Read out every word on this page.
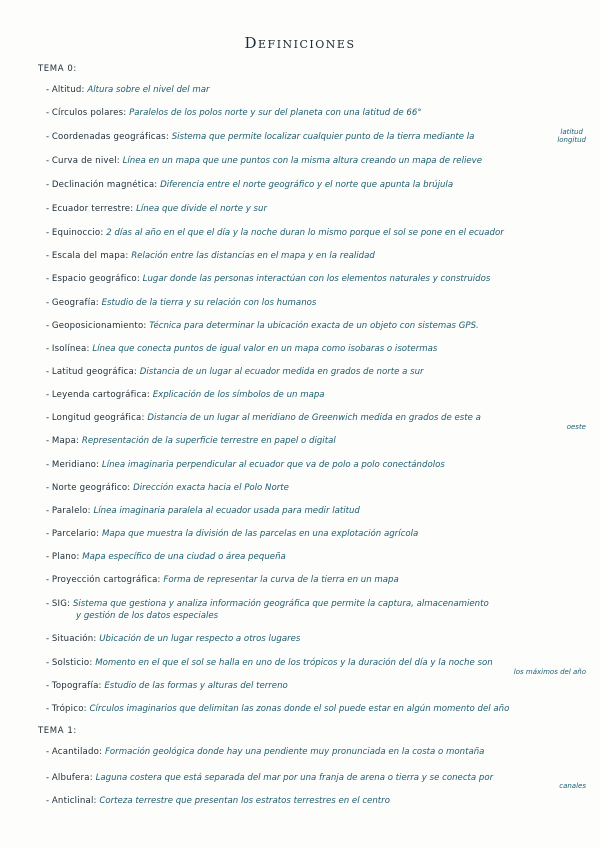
Definiciones
TEMA 0:
- Altitud: Altura sobre el nivel del mar
- Círculos polares: Paralelos de los polos norte y sur del planeta con una latitud de 66°
- Coordenadas geográficas: Sistema que permite localizar cualquier punto de la tierra mediante la	latitud
longitud
- Curva de nivel: Línea en un mapa que une puntos con la misma altura creando un mapa de relieve
- Declinación magnética: Diferencia entre el norte geográfico y el norte que apunta la brújula
- Ecuador terrestre: Línea que divide el norte y sur
- Equinoccio: 2 días al año en el que el día y la noche duran lo mismo porque el sol se pone en el ecuador
- Escala del mapa: Relación entre las distancias en el mapa y en la realidad
- Espacio geográfico: Lugar donde las personas interactúan con los elementos naturales y construidos
- Geografía: Estudio de la tierra y su relación con los humanos
- Geoposicionamiento: Técnica para determinar la ubicación exacta de un objeto con sistemas GPS.
- Isolínea: Línea que conecta puntos de igual valor en un mapa como isobaras o isotermas
- Latitud geográfica: Distancia de un lugar al ecuador medida en grados de norte a sur
- Leyenda cartográfica: Explicación de los símbolos de un mapa
- Longitud geográfica: Distancia de un lugar al meridiano de Greenwich medida en grados de este a
oeste
- Mapa: Representación de la superficie terrestre en papel o digital
- Meridiano: Línea imaginaria perpendicular al ecuador que va de polo a polo conectándolos
- Norte geográfico: Dirección exacta hacia el Polo Norte
- Paralelo: Línea imaginaria paralela al ecuador usada para medir latitud
- Parcelario: Mapa que muestra la división de las parcelas en una explotación agrícola
- Plano: Mapa específico de una ciudad o área pequeña
- Proyección cartográfica: Forma de representar la curva de la tierra en un mapa
- SIG: Sistema que gestiona y analiza información geográfica que permite la captura, almacenamiento
y gestión de los datos especiales
- Situación: Ubicación de un lugar respecto a otros lugares
- Solsticio: Momento en el que el sol se halla en uno de los trópicos y la duración del día y la noche son
los máximos del año
- Topografía: Estudio de las formas y alturas del terreno
- Trópico: Círculos imaginarios que delimitan las zonas donde el sol puede estar en algún momento del año
TEMA 1:
- Acantilado: Formación geológica donde hay una pendiente muy pronunciada en la costa o montaña
- Albufera: Laguna costera que está separada del mar por una franja de arena o tierra y se conecta por
canales
- Anticlinal: Corteza terrestre que presentan los estratos terrestres en el centro
